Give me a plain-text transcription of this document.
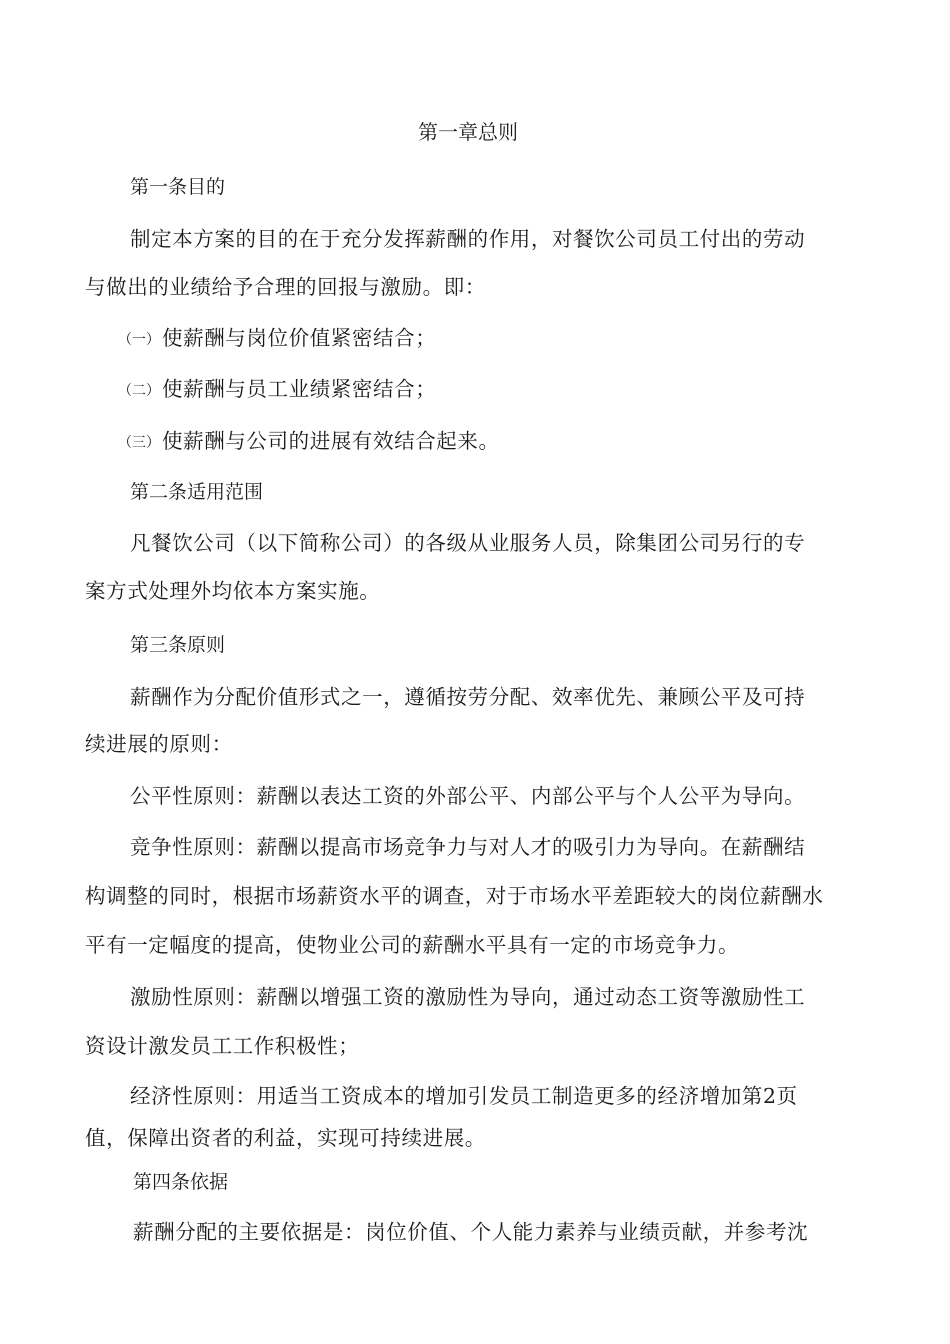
第一章总则
第一条目的
制定本方案的目的在于充分发挥薪酬的作用，对餐饮公司员工付出的劳动
与做出的业绩给予合理的回报与激励。即：
（一）使薪酬与岗位价值紧密结合；
（二）使薪酬与员工业绩紧密结合；
（三）使薪酬与公司的进展有效结合起来。
第二条适用范围
凡餐饮公司（以下简称公司）的各级从业服务人员，除集团公司另行的专
案方式处理外均依本方案实施。
第三条原则
薪酬作为分配价值形式之一，遵循按劳分配、效率优先、兼顾公平及可持
续进展的原则：
公平性原则：薪酬以表达工资的外部公平、内部公平与个人公平为导向。
竞争性原则：薪酬以提高市场竞争力与对人才的吸引力为导向。在薪酬结
构调整的同时，根据市场薪资水平的调查，对于市场水平差距较大的岗位薪酬水
平有一定幅度的提高，使物业公司的薪酬水平具有一定的市场竞争力。
激励性原则：薪酬以增强工资的激励性为导向，通过动态工资等激励性工
资设计激发员工工作积极性；
经济性原则：用适当工资成本的增加引发员工制造更多的经济增加第2页
值，保障出资者的利益，实现可持续进展。
第四条依据
薪酬分配的主要依据是：岗位价值、个人能力素养与业绩贡献，并参考沈
